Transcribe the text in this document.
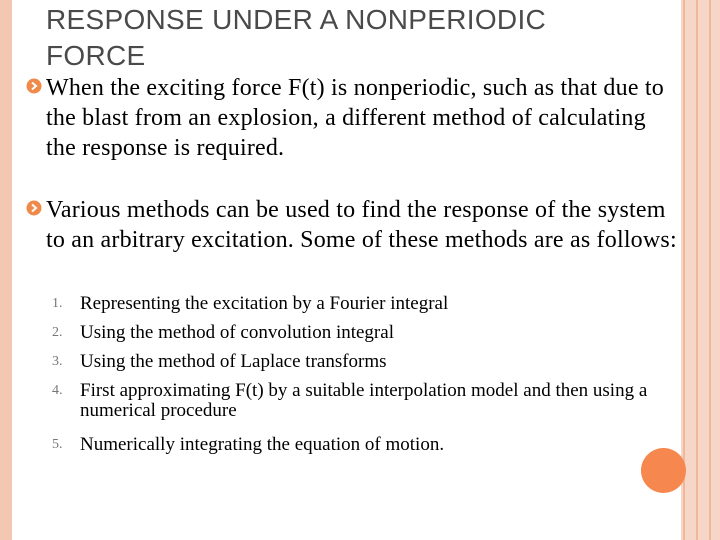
RESPONSE UNDER A NONPERIODIC FORCE
When the exciting force F(t) is nonperiodic, such as that due to the blast from an explosion, a different method of calculating the response is required.
Various methods can be used to find the response of the system to an arbitrary excitation. Some of these methods are as follows:
1. Representing the excitation by a Fourier integral
2. Using the method of convolution integral
3. Using the method of Laplace transforms
4. First approximating F(t) by a suitable interpolation model and then using a numerical procedure
5. Numerically integrating the equation of motion.
